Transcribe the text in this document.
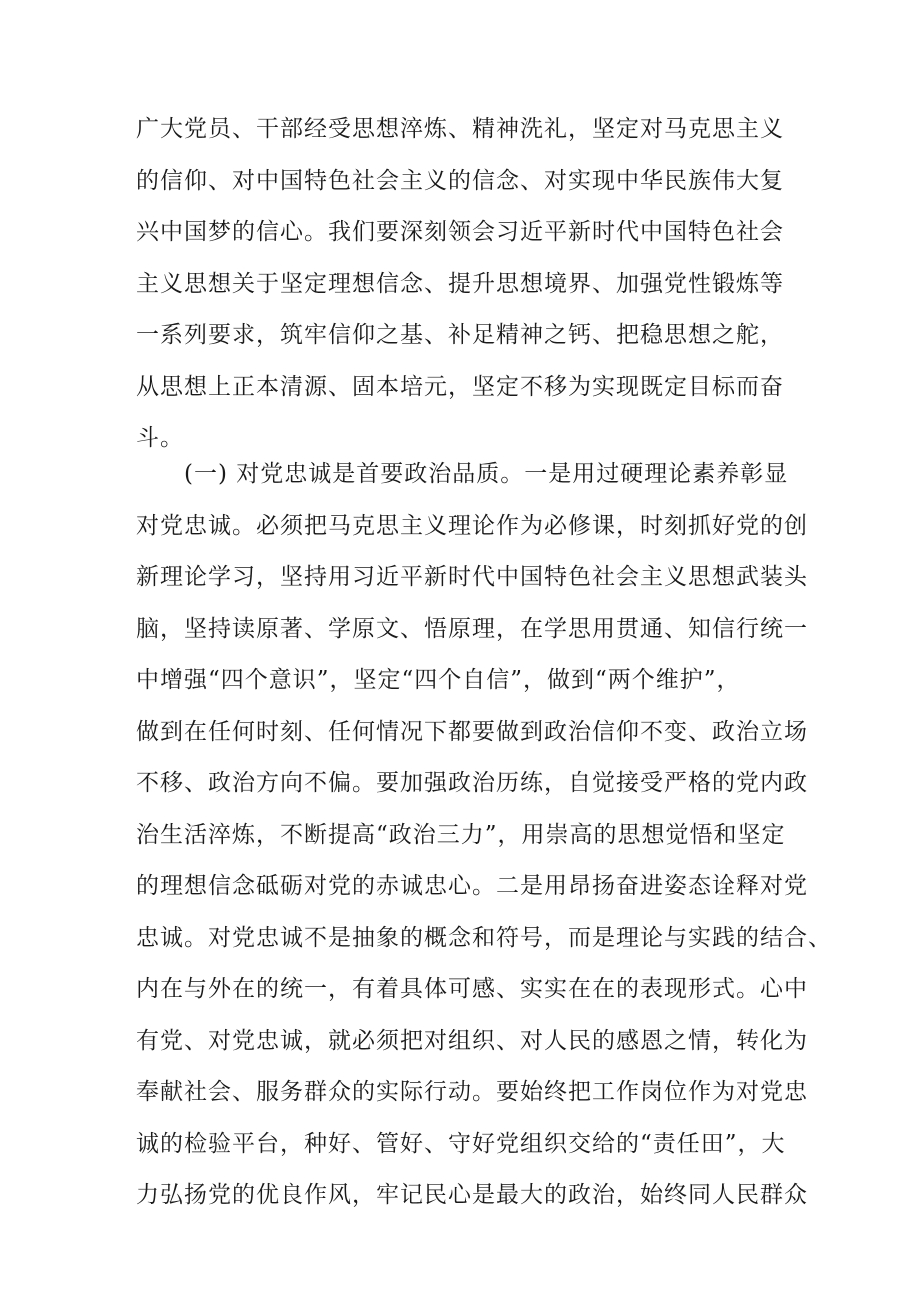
广大党员、干部经受思想淬炼、精神洗礼，坚定对马克思主义
的信仰、对中国特色社会主义的信念、对实现中华民族伟大复
兴中国梦的信心。我们要深刻领会习近平新时代中国特色社会
主义思想关于坚定理想信念、提升思想境界、加强党性锻炼等
一系列要求，筑牢信仰之基、补足精神之钙、把稳思想之舵，
从思想上正本清源、固本培元，坚定不移为实现既定目标而奋
斗。
　　(一) 对党忠诚是首要政治品质。一是用过硬理论素养彰显
对党忠诚。必须把马克思主义理论作为必修课，时刻抓好党的创
新理论学习，坚持用习近平新时代中国特色社会主义思想武装头
脑，坚持读原著、学原文、悟原理，在学思用贯通、知信行统一
中增强“四个意识”，坚定“四个自信”，做到“两个维护”，
做到在任何时刻、任何情况下都要做到政治信仰不变、政治立场
不移、政治方向不偏。要加强政治历练，自觉接受严格的党内政
治生活淬炼，不断提高“政治三力”，用崇高的思想觉悟和坚定
的理想信念砥砺对党的赤诚忠心。二是用昂扬奋进姿态诠释对党
忠诚。对党忠诚不是抽象的概念和符号，而是理论与实践的结合、
内在与外在的统一，有着具体可感、实实在在的表现形式。心中
有党、对党忠诚，就必须把对组织、对人民的感恩之情，转化为
奉献社会、服务群众的实际行动。要始终把工作岗位作为对党忠
诚的检验平台，种好、管好、守好党组织交给的“责任田”，大
力弘扬党的优良作风，牢记民心是最大的政治，始终同人民群众
